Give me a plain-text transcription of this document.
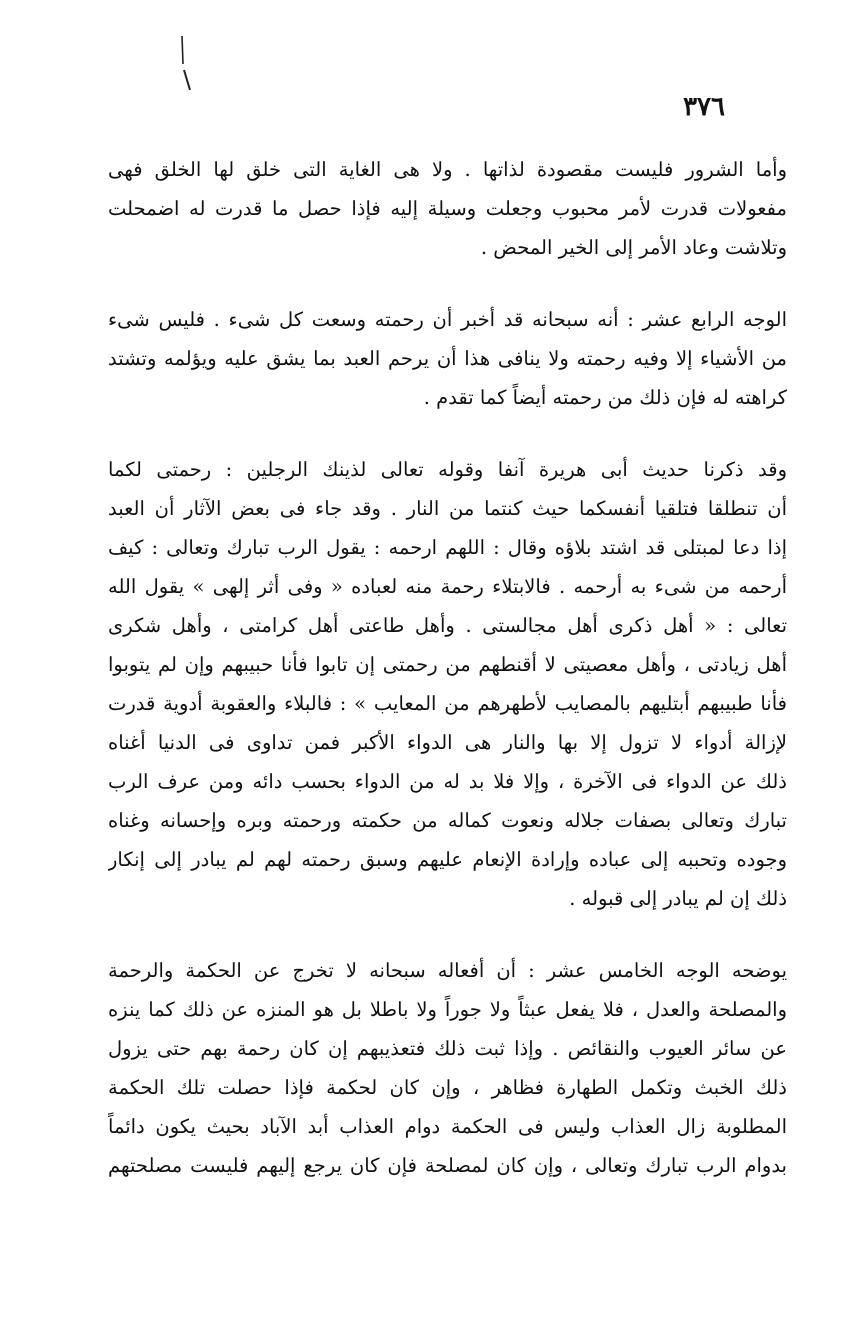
٣٧٦

وأما الشرور فليست مقصودة لذاتها . ولا هى الغاية التى خلق لها الخلق فهى
مفعولات قدرت لأمر محبوب وجعلت وسيلة إليه فإذا حصل ما قدرت له اضمحلت
وتلاشت وعاد الأمر إلى الخير المحض .

الوجه الرابع عشر : أنه سبحانه قد أخبر أن رحمته وسعت كل شىء . فليس شىء
من الأشياء إلا وفيه رحمته ولا ينافى هذا أن يرحم العبد بما يشق عليه ويؤلمه وتشتد
كراهته له فإن ذلك من رحمته أيضاً كما تقدم .

وقد ذكرنا حديث أبى هريرة آنفا وقوله تعالى لذينك الرجلين : رحمتى لكما
أن تنطلقا فتلقيا أنفسكما حيث كنتما من النار . وقد جاء فى بعض الآثار أن العبد
إذا دعا لمبتلى قد اشتد بلاؤه وقال : اللهم ارحمه : يقول الرب تبارك وتعالى : كيف
أرحمه من شىء به أرحمه . فالابتلاء رحمة منه لعباده « وفى أثر إلهى » يقول الله
تعالى : « أهل ذكرى أهل مجالستى . وأهل طاعتى أهل كرامتى ، وأهل شكرى
أهل زيادتى ، وأهل معصيتى لا أقنطهم من رحمتى إن تابوا فأنا حبيبهم وإن لم يتوبوا
فأنا طبيبهم أبتليهم بالمصايب لأطهرهم من المعايب » : فالبلاء والعقوبة أدوية قدرت
لإزالة أدواء لا تزول إلا بها والنار هى الدواء الأكبر فمن تداوى فى الدنيا أغناه
ذلك عن الدواء فى الآخرة ، وإلا فلا بد له من الدواء بحسب دائه ومن عرف الرب
تبارك وتعالى بصفات جلاله ونعوت كماله من حكمته ورحمته وبره وإحسانه وغناه
وجوده وتحببه إلى عباده وإرادة الإنعام عليهم وسبق رحمته لهم لم يبادر إلى إنكار
ذلك إن لم يبادر إلى قبوله .

يوضحه الوجه الخامس عشر : أن أفعاله سبحانه لا تخرج عن الحكمة والرحمة
والمصلحة والعدل ، فلا يفعل عبثاً ولا جوراً ولا باطلا بل هو المنزه عن ذلك كما ينزه
عن سائر العيوب والنقائص . وإذا ثبت ذلك فتعذيبهم إن كان رحمة بهم حتى يزول
ذلك الخبث وتكمل الطهارة فظاهر ، وإن كان لحكمة فإذا حصلت تلك الحكمة
المطلوبة زال العذاب وليس فى الحكمة دوام العذاب أبد الآباد بحيث يكون دائماً
بدوام الرب تبارك وتعالى ، وإن كان لمصلحة فإن كان يرجع إليهم فليست مصلحتهم
